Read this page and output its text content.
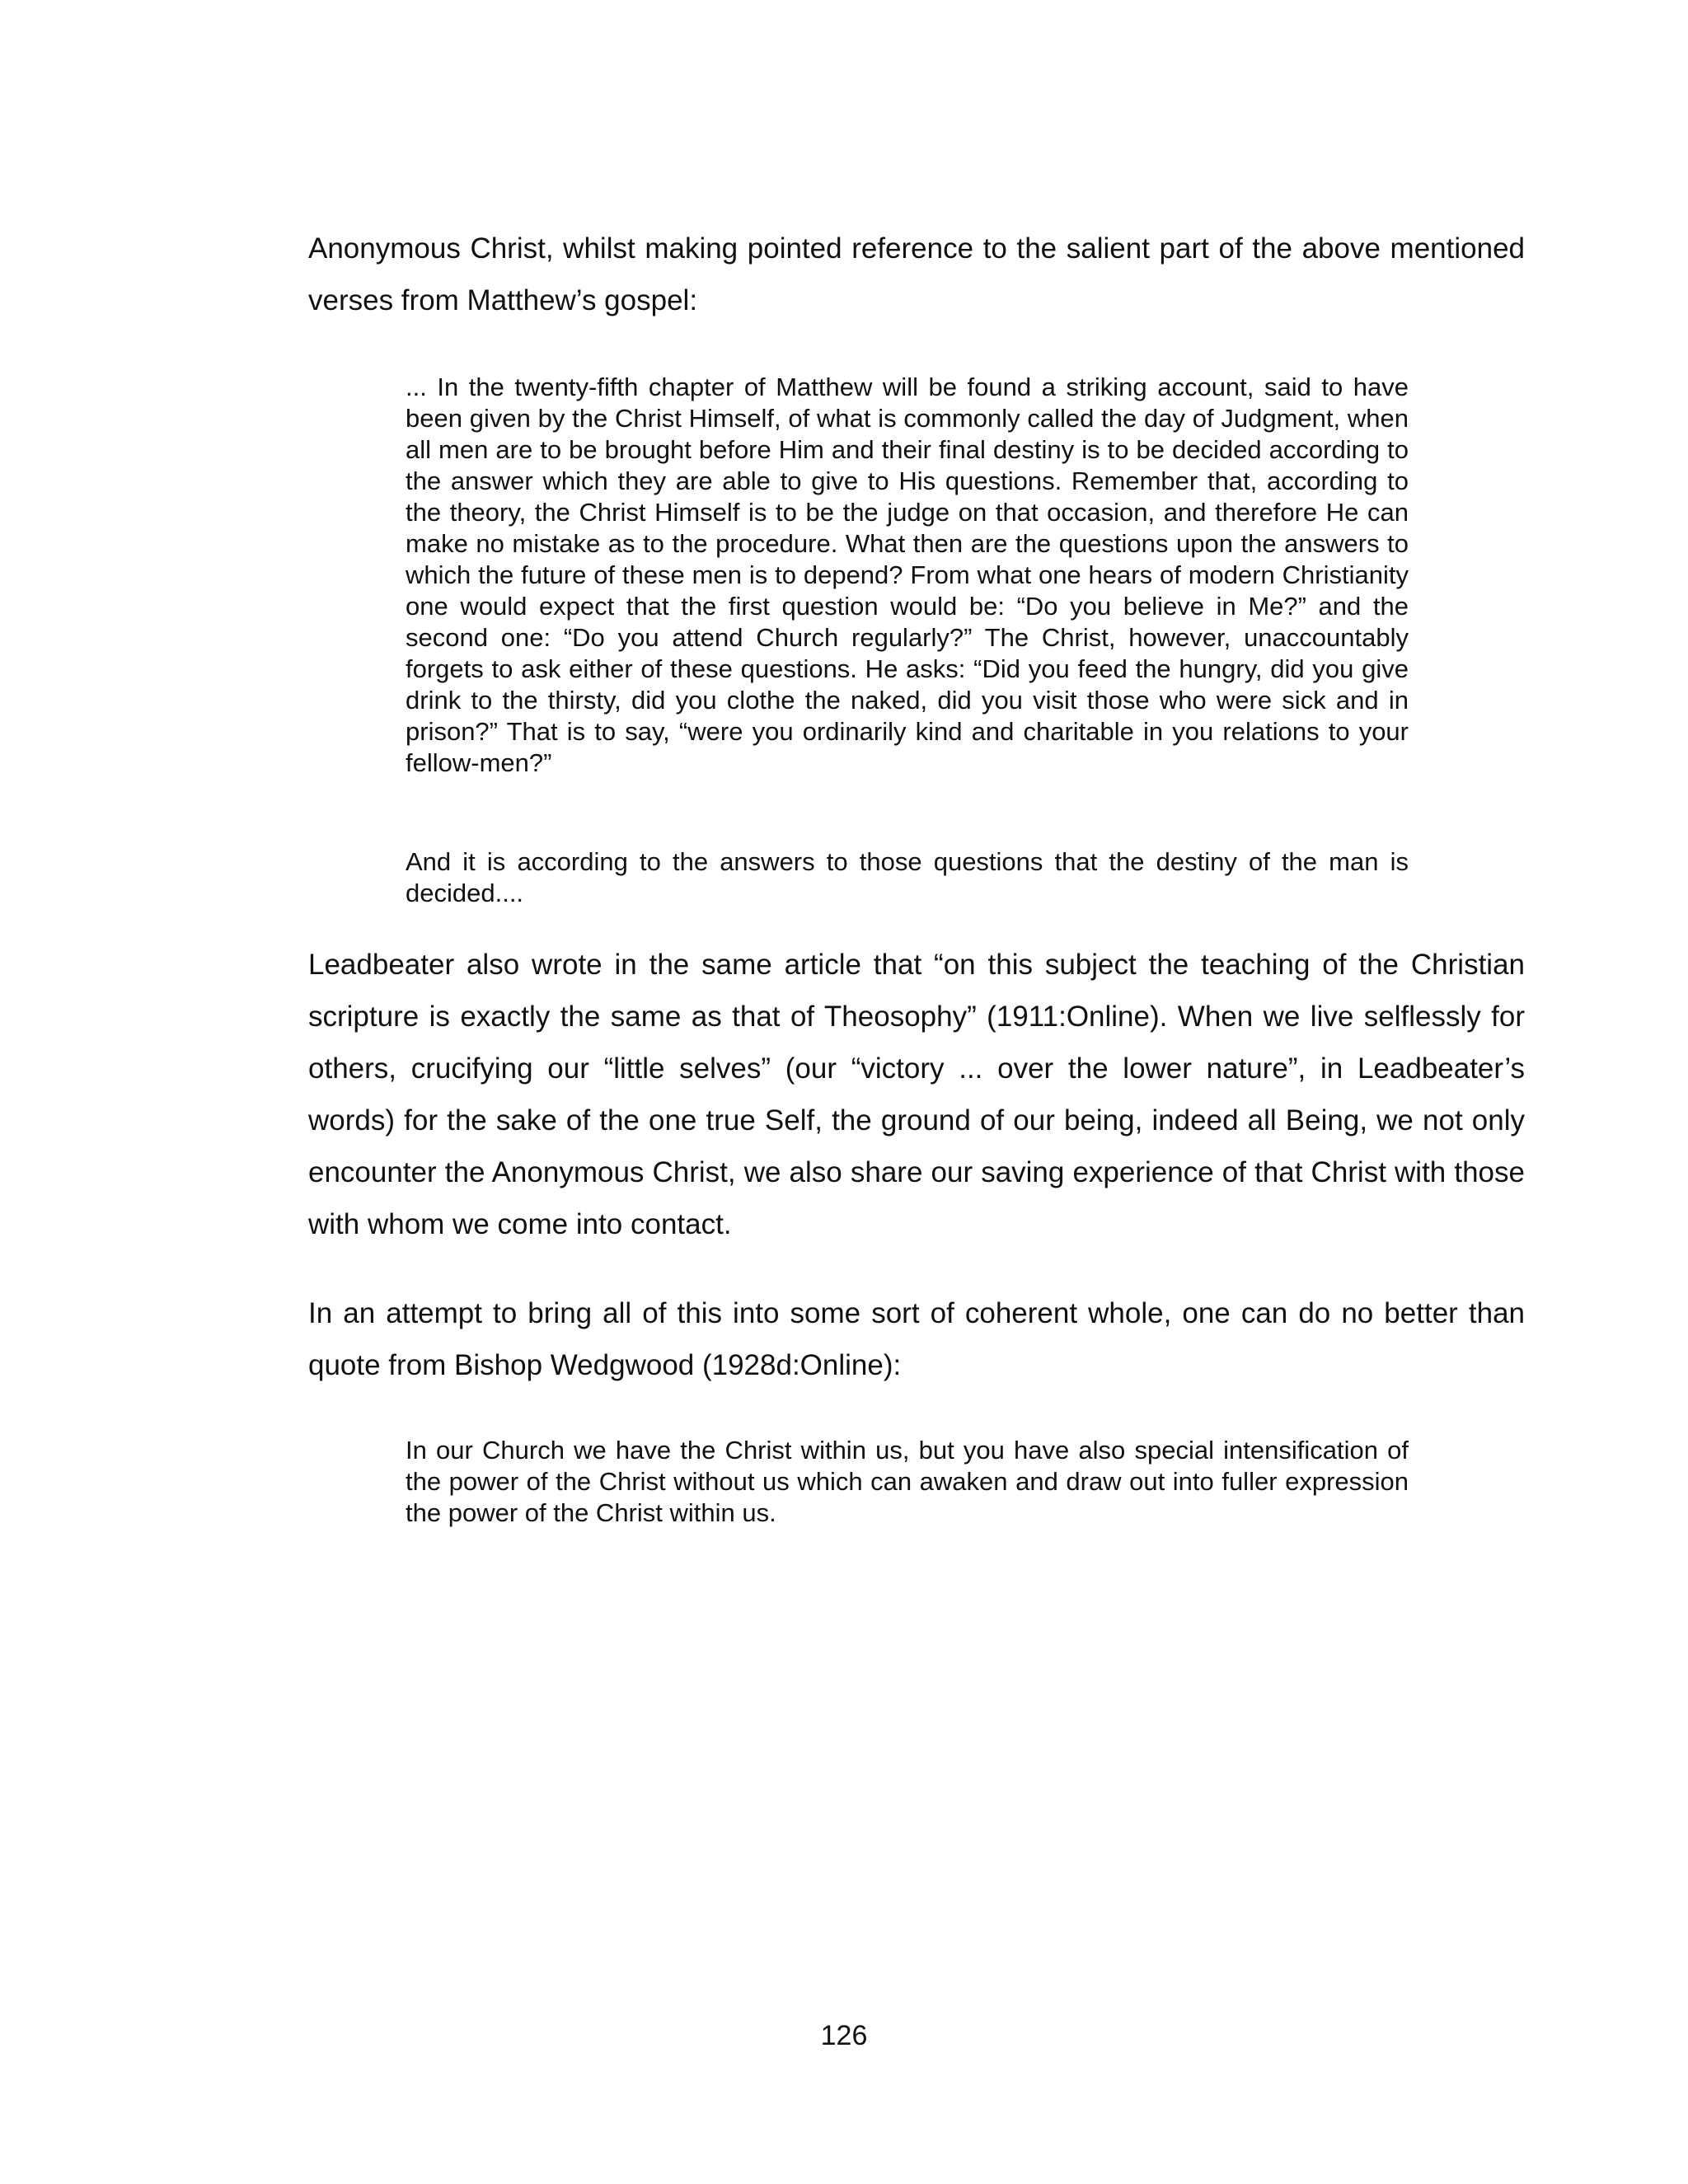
Anonymous Christ, whilst making pointed reference to the salient part of the above mentioned verses from Matthew’s gospel:

... In the twenty-fifth chapter of Matthew will be found a striking account, said to have been given by the Christ Himself, of what is commonly called the day of Judgment, when all men are to be brought before Him and their final destiny is to be decided according to the answer which they are able to give to His questions. Remember that, according to the theory, the Christ Himself is to be the judge on that occasion, and therefore He can make no mistake as to the procedure. What then are the questions upon the answers to which the future of these men is to depend? From what one hears of modern Christianity one would expect that the first question would be: “Do you believe in Me?” and the second one: “Do you attend Church regularly?” The Christ, however, unaccountably forgets to ask either of these questions. He asks: “Did you feed the hungry, did you give drink to the thirsty, did you clothe the naked, did you visit those who were sick and in prison?” That is to say, “were you ordinarily kind and charitable in you relations to your fellow-men?”

And it is according to the answers to those questions that the destiny of the man is decided....

Leadbeater also wrote in the same article that “on this subject the teaching of the Christian scripture is exactly the same as that of Theosophy” (1911:Online). When we live selflessly for others, crucifying our “little selves” (our “victory ... over the lower nature”, in Leadbeater’s words) for the sake of the one true Self, the ground of our being, indeed all Being, we not only encounter the Anonymous Christ, we also share our saving experience of that Christ with those with whom we come into contact.

In an attempt to bring all of this into some sort of coherent whole, one can do no better than quote from Bishop Wedgwood (1928d:Online):

In our Church we have the Christ within us, but you have also special intensification of the power of the Christ without us which can awaken and draw out into fuller expression the power of the Christ within us.

126
